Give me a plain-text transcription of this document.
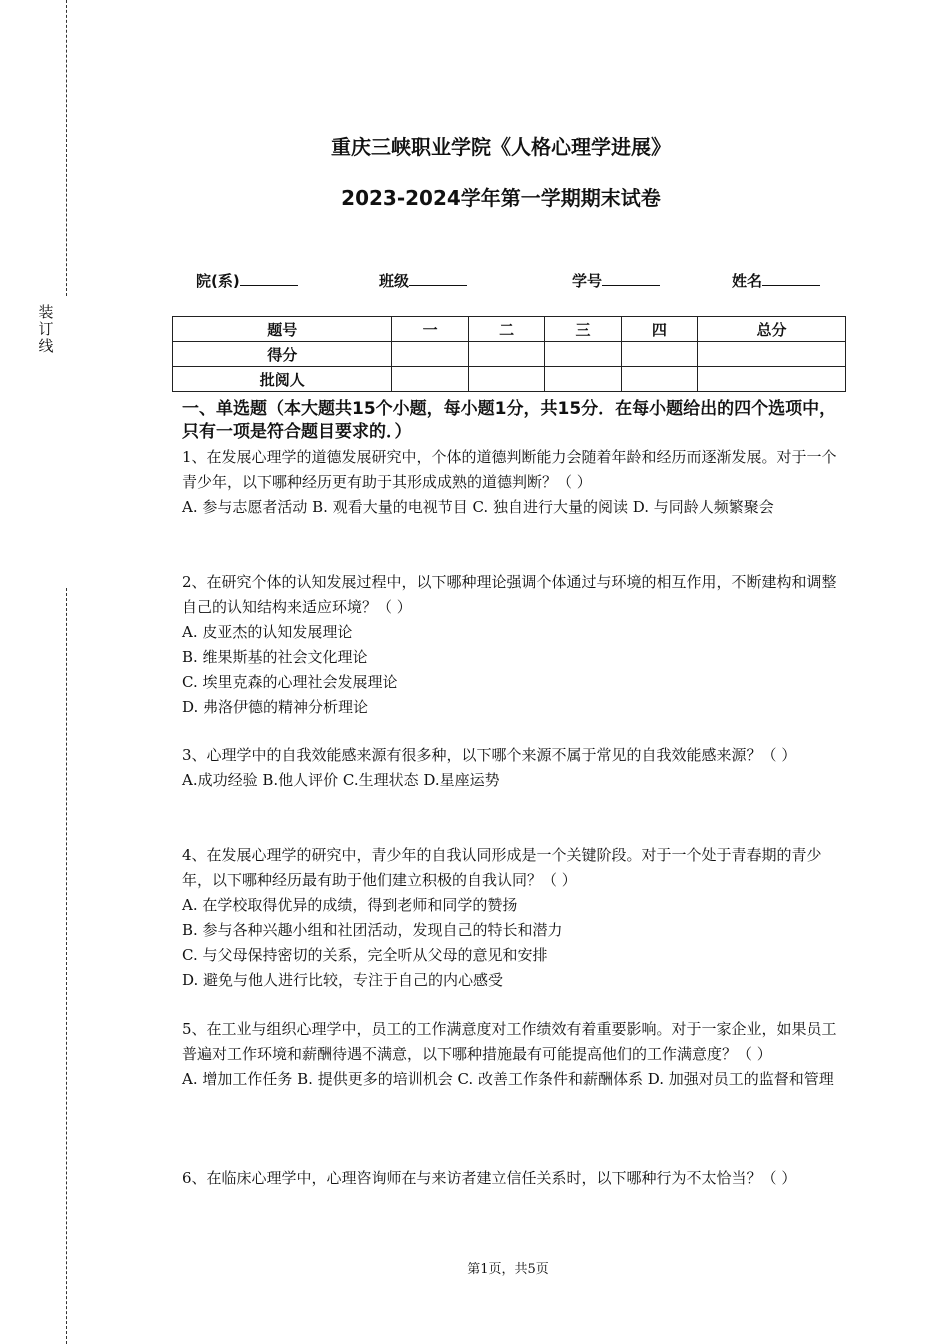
装
订
线
重庆三峡职业学院《人格心理学进展》
2023-2024学年第一学期期末试卷
院(系)	班级	学号	姓名
题号	一	二	三	四	总分
得分					
批阅人					
一、单选题（本大题共15个小题，每小题1分，共15分．在每小题给出的四个选项中，只有一项是符合题目要求的．）

1、在发展心理学的道德发展研究中，个体的道德判断能力会随着年龄和经历而逐渐发展。对于一个青少年，以下哪种经历更有助于其形成成熟的道德判断？（ ）

A. 参与志愿者活动 B. 观看大量的电视节目 C. 独自进行大量的阅读 D. 与同龄人频繁聚会

2、在研究个体的认知发展过程中，以下哪种理论强调个体通过与环境的相互作用，不断建构和调整自己的认知结构来适应环境？（ ）

A. 皮亚杰的认知发展理论

B. 维果斯基的社会文化理论

C. 埃里克森的心理社会发展理论

D. 弗洛伊德的精神分析理论

3、心理学中的自我效能感来源有很多种，以下哪个来源不属于常见的自我效能感来源？（ ）

A.成功经验 B.他人评价 C.生理状态 D.星座运势

4、在发展心理学的研究中，青少年的自我认同形成是一个关键阶段。对于一个处于青春期的青少年，以下哪种经历最有助于他们建立积极的自我认同？（ ）

A. 在学校取得优异的成绩，得到老师和同学的赞扬

B. 参与各种兴趣小组和社团活动，发现自己的特长和潜力

C. 与父母保持密切的关系，完全听从父母的意见和安排

D. 避免与他人进行比较，专注于自己的内心感受

5、在工业与组织心理学中，员工的工作满意度对工作绩效有着重要影响。对于一家企业，如果员工普遍对工作环境和薪酬待遇不满意，以下哪种措施最有可能提高他们的工作满意度？（ ）

A. 增加工作任务 B. 提供更多的培训机会 C. 改善工作条件和薪酬体系 D. 加强对员工的监督和管理

6、在临床心理学中，心理咨询师在与来访者建立信任关系时，以下哪种行为不太恰当？（ ）

第1页，共5页
